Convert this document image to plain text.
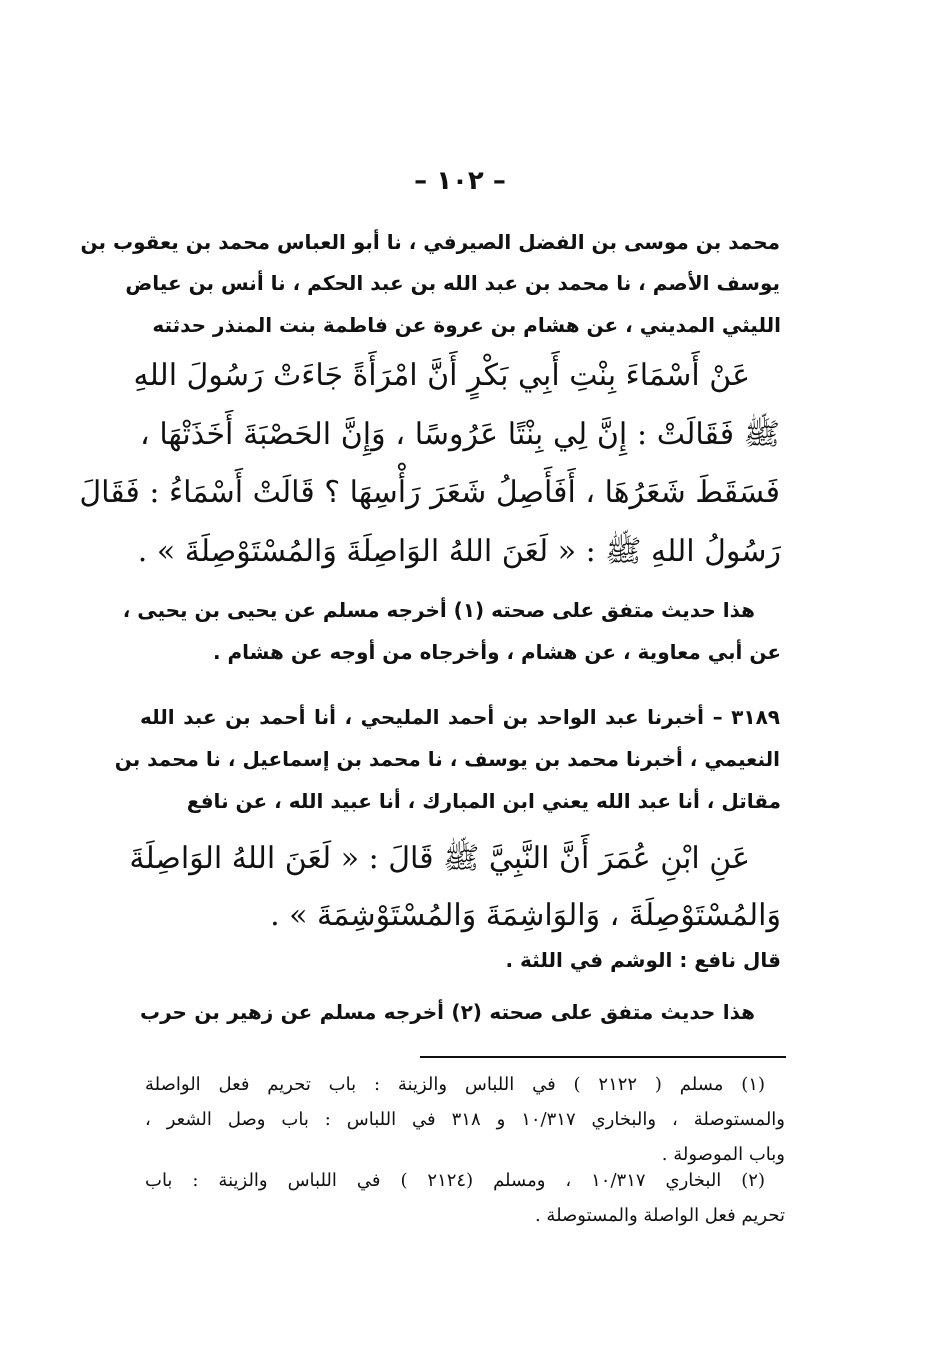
– ١٠٢ –

محمد بن موسى بن الفضل الصيرفي ، نا أبو العباس محمد بن يعقوب بن

يوسف الأصم ، نا محمد بن عبد الله بن عبد الحكم ، نا أنس بن عياض

الليثي المديني ، عن هشام بن عروة عن فاطمة بنت المنذر حدثته

عَنْ أَسْمَاءَ بِنْتِ أَبِي بَكْرٍ أَنَّ امْرَأَةً جَاءَتْ رَسُولَ اللهِ

ﷺ فَقَالَتْ : إِنَّ لِي بِنْتًا عَرُوسًا ، وَإِنَّ الحَصْبَةَ أَخَذَتْهَا ،

فَسَقَطَ شَعَرُهَا ، أَفَأَصِلُ شَعَرَ رَأْسِهَا ؟ قَالَتْ أَسْمَاءُ : فَقَالَ

رَسُولُ اللهِ ﷺ : « لَعَنَ اللهُ الوَاصِلَةَ وَالمُسْتَوْصِلَةَ » .

هذا حديث متفق على صحته (١) أخرجه مسلم عن يحيى بن يحيى ،

عن أبي معاوية ، عن هشام ، وأخرجاه من أوجه عن هشام .

٣١٨٩ – أخبرنا عبد الواحد بن أحمد المليحي ، أنا أحمد بن عبد الله

النعيمي ، أخبرنا محمد بن يوسف ، نا محمد بن إسماعيل ، نا محمد بن

مقاتل ، أنا عبد الله يعني ابن المبارك ، أنا عبيد الله ، عن نافع

عَنِ ابْنِ عُمَرَ أَنَّ النَّبِيَّ ﷺ قَالَ : « لَعَنَ اللهُ الوَاصِلَةَ

وَالمُسْتَوْصِلَةَ ، وَالوَاشِمَةَ وَالمُسْتَوْشِمَةَ » .

قال نافع : الوشم في اللثة .

هذا حديث متفق على صحته (٢) أخرجه مسلم عن زهير بن حرب

(١) مسلم ( ٢١٢٢ ) في اللباس والزينة : باب تحريم فعل الواصلة

والمستوصلة ، والبخاري ١٠/٣١٧ و ٣١٨ في اللباس : باب وصل الشعر ،

وباب الموصولة .

(٢) البخاري ١٠/٣١٧ ، ومسلم (٢١٢٤ ) في اللباس والزينة : باب

تحريم فعل الواصلة والمستوصلة .
